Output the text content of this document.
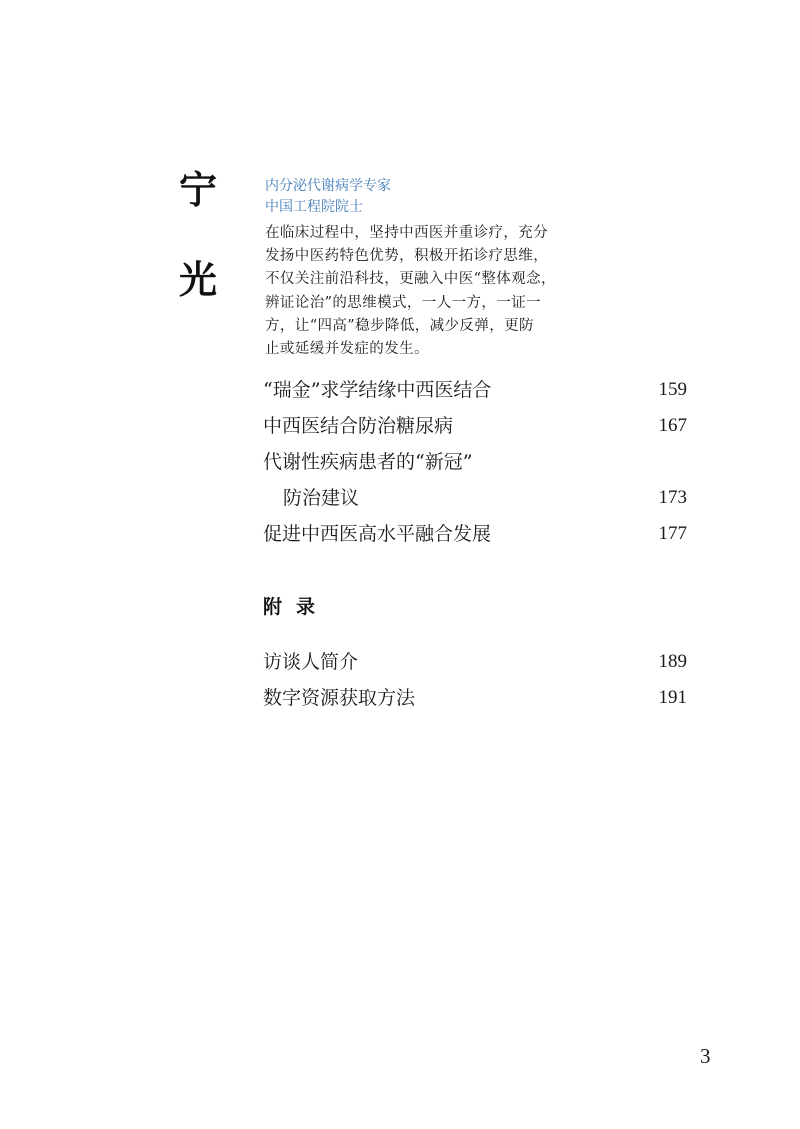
宁
光
内分泌代谢病学专家
中国工程院院士
在临床过程中，坚持中西医并重诊疗，充分
发扬中医药特色优势，积极开拓诊疗思维，
不仅关注前沿科技，更融入中医“整体观念，
辨证论治”的思维模式，一人一方，一证一
方，让“四高”稳步降低，减少反弹，更防
止或延缓并发症的发生。
“瑞金”求学结缘中西医结合	159
中西医结合防治糖尿病	167
代谢性疾病患者的“新冠”
防治建议	173
促进中西医高水平融合发展	177
附录
访谈人简介	189
数字资源获取方法	191
3
